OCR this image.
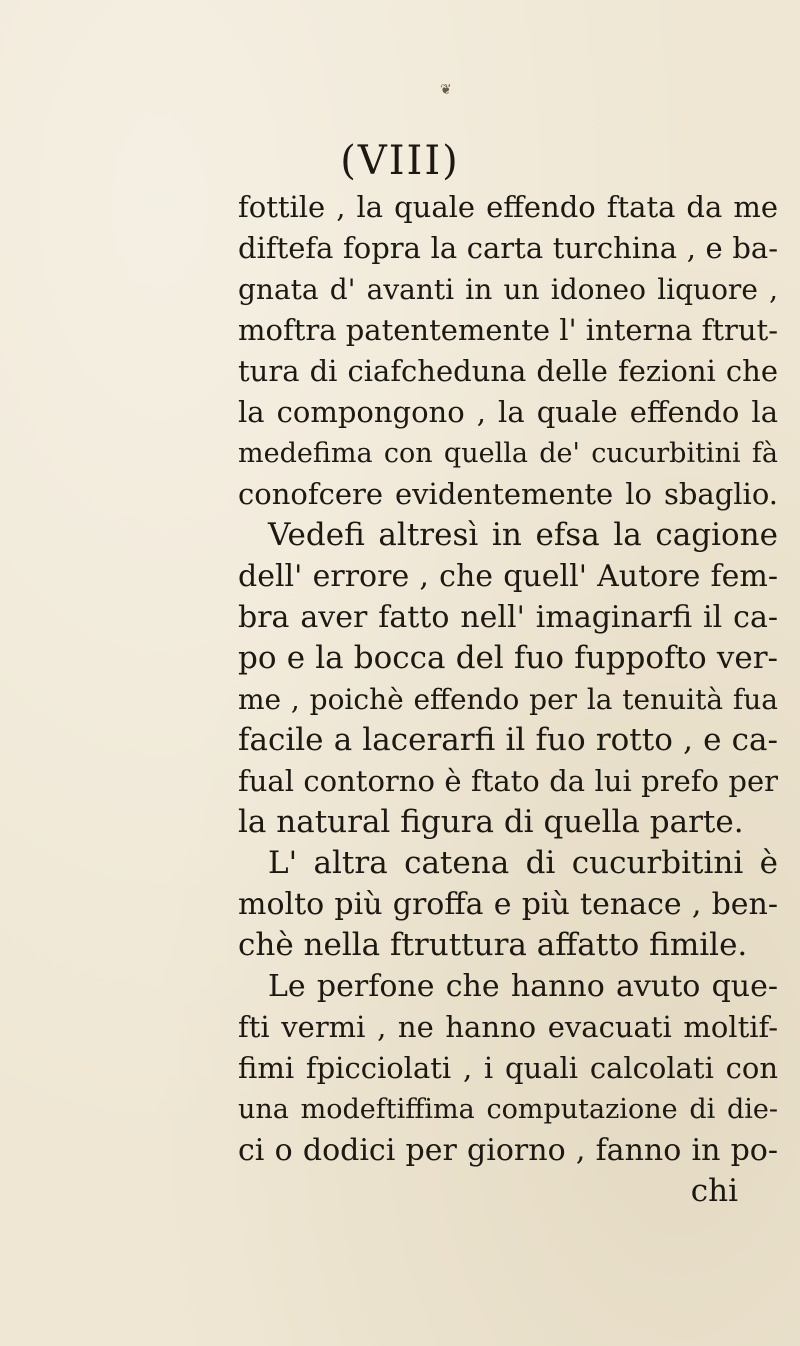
❦
(VIII)
fottile , la quale effendo ftata da me
diftefa fopra la carta turchina , e ba-
gnata d' avanti in un idoneo liquore ,
moftra patentemente l' interna ftrut-
tura di ciafcheduna delle fezioni che
la compongono , la quale effendo la
medefima con quella de' cucurbitini fà
conofcere evidentemente lo sbaglio.
Vedefi altresì in efsa la cagione
dell' errore , che quell' Autore fem-
bra aver fatto nell' imaginarfi il ca-
po e la bocca del fuo fuppofto ver-
me , poichè effendo per la tenuità fua
facile a lacerarfi il fuo rotto , e ca-
fual contorno è ftato da lui prefo per
la natural figura di quella parte.
L' altra catena di cucurbitini è
molto più groffa e più tenace , ben-
chè nella ftruttura affatto fimile.
Le perfone che hanno avuto que-
fti vermi , ne hanno evacuati moltif-
fimi fpicciolati , i quali calcolati con
una modeftiffima computazione di die-
ci o dodici per giorno , fanno in po-
chi
